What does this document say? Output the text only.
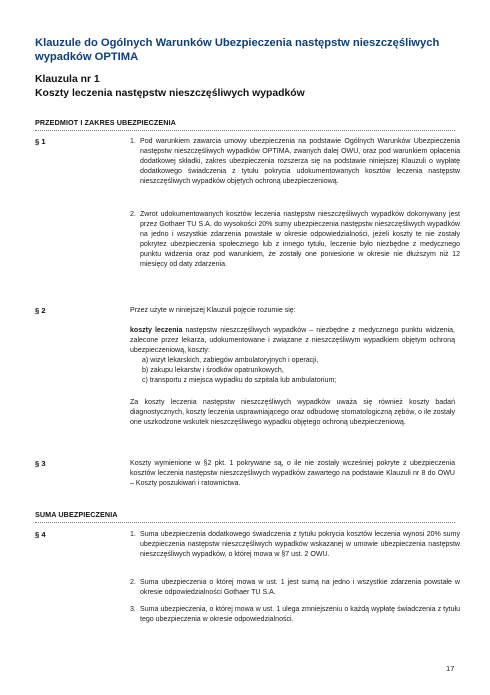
Klauzule do Ogólnych Warunków Ubezpieczenia następstw nieszczęśliwych wypadków OPTIMA
Klauzula nr 1
Koszty leczenia następstw nieszczęśliwych wypadków
PRZEDMIOT I ZAKRES UBEZPIECZENIA
§ 1	1. Pod warunkiem zawarcia umowy ubezpieczenia na podstawie Ogólnych Warunków Ubezpieczenia następstw nieszczęśliwych wypadków OPTIMA, zwanych dalej OWU, oraz pod warunkiem opłacenia dodatkowej składki, zakres ubezpieczenia rozszerza się na podstawie niniejszej Klauzuli o wypłatę dodatkowego świadczenia z tytułu pokrycia udokumentowanych kosztów leczenia następstw nieszczęśliwych wypadków objętych ochroną ubezpieczeniową.
2. Zwrot udokumentowanych kosztów leczenia następstw nieszczęśliwych wypadków dokonywany jest przez Gothaer TU S.A. do wysokości 20% sumy ubezpieczenia następstw nieszczęśliwych wypadków na jedno i wszystkie zdarzenia powstałe w okresie odpowiedzialności, jeżeli koszty te nie zostały pokrytez ubezpieczenia społecznego lub z innego tytułu, leczenie było niezbędne z medycznego punktu widzenia oraz pod warunkiem, że zostały one poniesione w okresie nie dłuższym niż 12 miesięcy od daty zdarzenia.
§ 2	Przez użyte w niniejszej Klauzuli pojęcie rozumie się:
koszty leczenia następstw nieszczęśliwych wypadków – niezbędne z medycznego punktu widzenia, zalecone przez lekarza, udokumentowane i związane z nieszczęśliwym wypadkiem objętym ochroną ubezpieczeniową, koszty:
a) wizyt lekarskich, zabiegów ambulatoryjnych i operacji,
b) zakupu lekarstw i środków opatrunkowych,
c) transportu z miejsca wypadku do szpitala lub ambulatorium;
Za koszty leczenia następstw nieszczęśliwych wypadków uważa się również koszty badań diagnostycznych, koszty leczenia usprawniającego oraz odbudowę stomatologiczną zębów, o ile zostały one uszkodzone wskutek nieszczęśliwego wypadku objętego ochroną ubezpieczeniową.
§ 3	Koszty wymienione w §2 pkt. 1 pokrywane są, o ile nie zostały wcześniej pokryte z ubezpieczenia kosztów leczenia następstw nieszczęśliwych wypadków zawartego na podstawie Klauzuli nr 8 do OWU – Koszty poszukiwań i ratownictwa.
SUMA UBEZPIECZENIA
§ 4	1. Suma ubezpieczenia dodatkowego świadczenia z tytułu pokrycia kosztów leczenia wynosi 20% sumy ubezpieczenia następstw nieszczęśliwych wypadków wskazanej w umowie ubezpieczenia następstw nieszczęśliwych wypadków, o której mowa w §7 ust. 2 OWU.
2. Suma ubezpieczenia o której mowa w ust. 1 jest sumą na jedno i wszystkie zdarzenia powstałe w okresie odpowiedzialności Gothaer TU S.A.
3. Suma ubezpieczenia, o której mowa w ust. 1 ulega zmniejszeniu o każdą wypłatę świadczenia z tytułu tego ubezpieczenia w okresie odpowiedzialności.
17
